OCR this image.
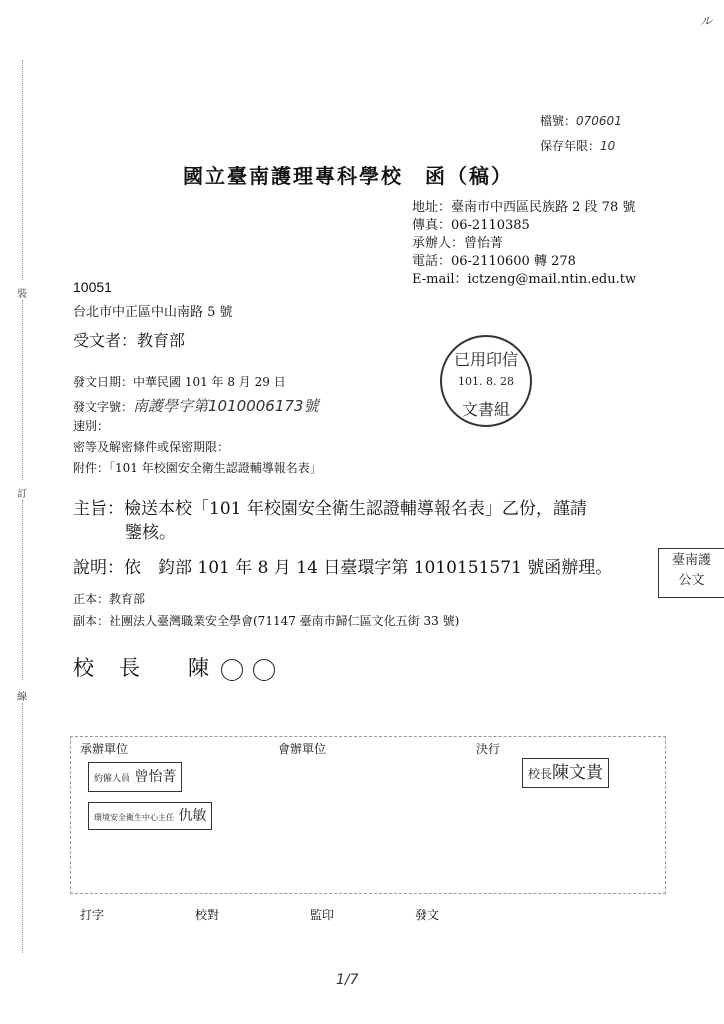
ル
檔號：070601
保存年限：10
國立臺南護理專科學校　函（稿）
地址：臺南市中西區民族路 2 段 78 號
傳真：06-2110385
承辦人：曾怡菁
電話：06-2110600 轉 278
E-mail：ictzeng@mail.ntin.edu.tw
裝
訂
線
10051
台北市中正區中山南路 5 號
受文者：教育部
已用印信
101. 8. 28
文書組
發文日期：中華民國 101 年 8 月 29 日
發文字號：南護學字第1010006173號
速別：
密等及解密條件或保密期限：
附件：「101 年校園安全衛生認證輔導報名表」
主旨：檢送本校「101 年校園安全衛生認證輔導報名表」乙份，謹請
鑒核。
說明：依　鈞部 101 年 8 月 14 日臺環字第 1010151571 號函辦理。	臺南護
公文
正本：教育部
副本：社團法人臺灣職業安全學會(71147 臺南市歸仁區文化五街 33 號)
校　長　　陳
承辦單位	會辦單位	決行
約僱人員 曾怡菁
環境安全衛生中心主任 仇敏
校長陳文貴
打字	校對	監印	發文
1/7
